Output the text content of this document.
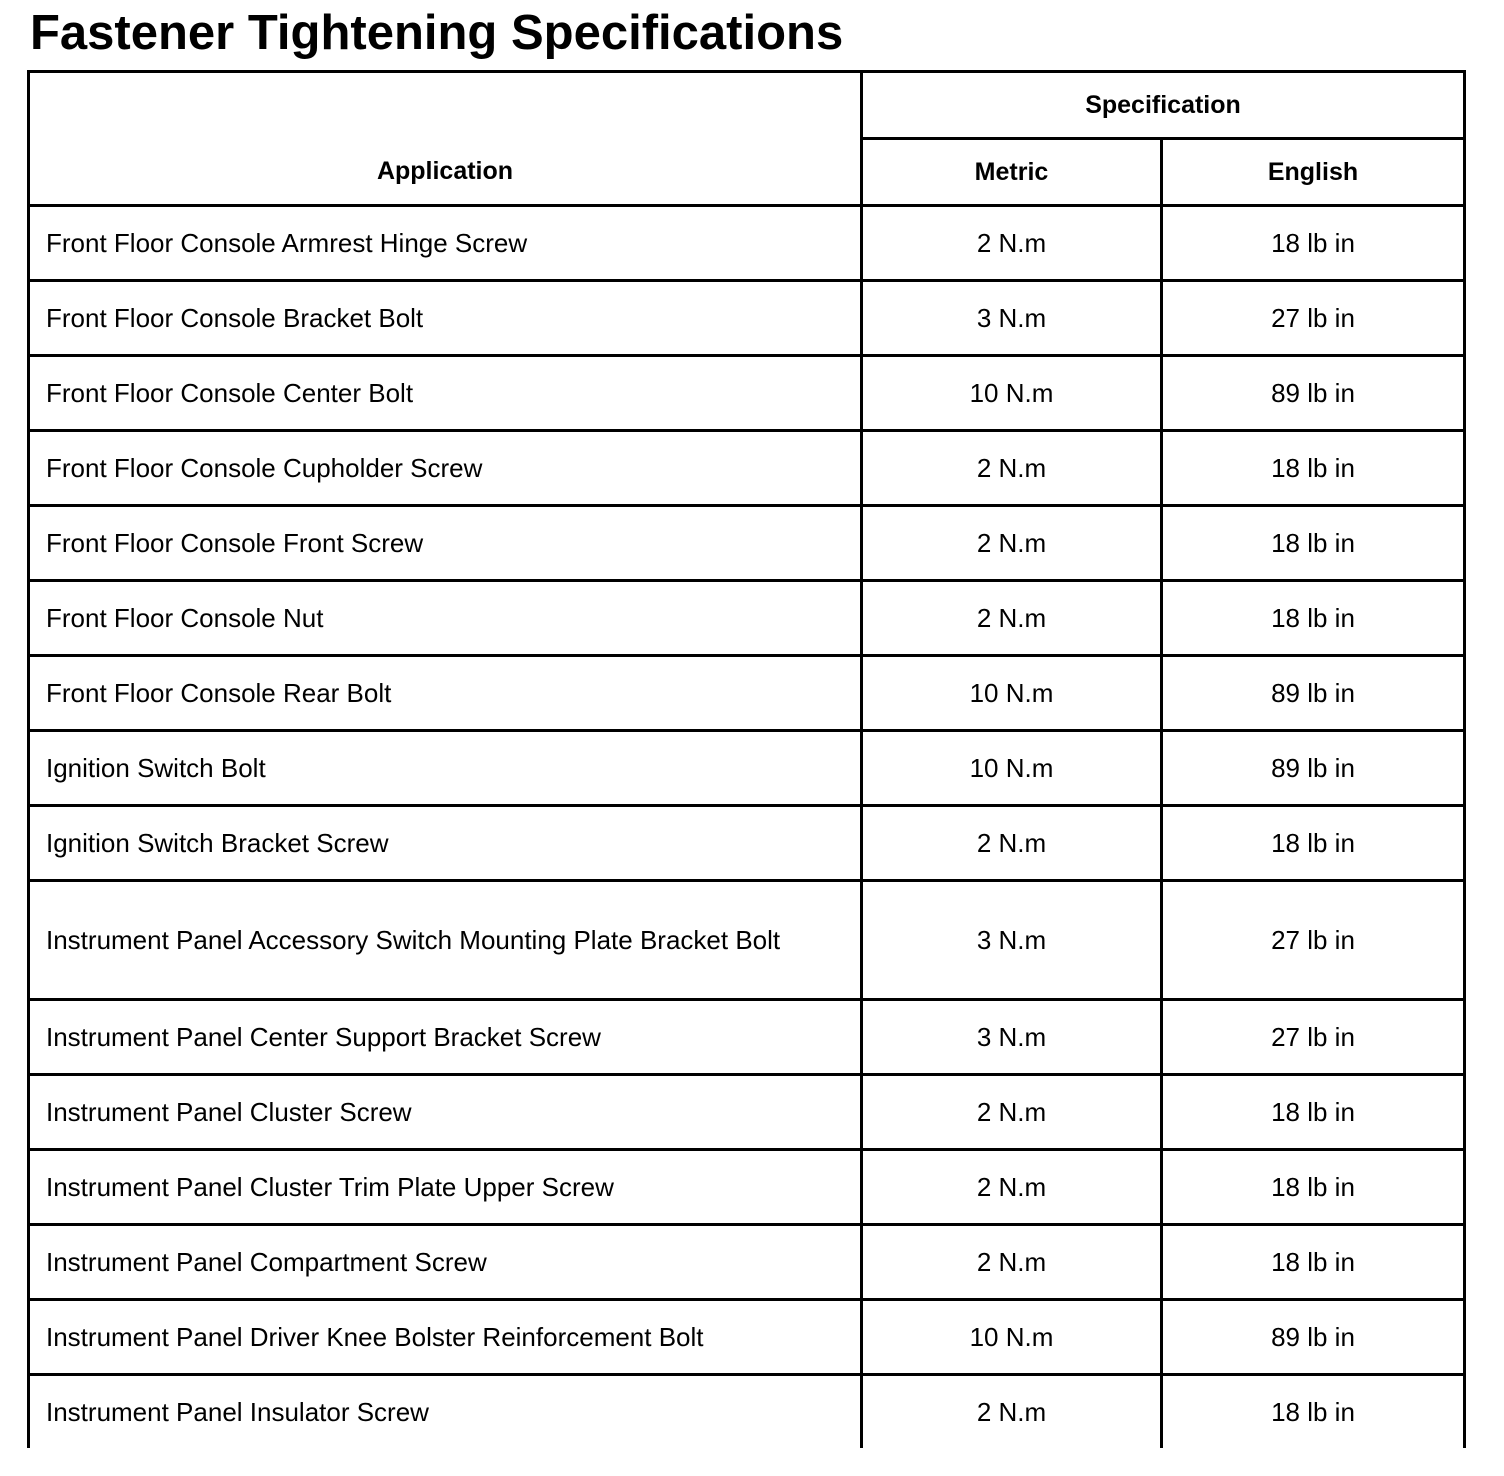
Fastener Tightening Specifications
Application	Specification	
	Metric	English
Front Floor Console Armrest Hinge Screw	2 N.m	18 lb in
Front Floor Console Bracket Bolt	3 N.m	27 lb in
Front Floor Console Center Bolt	10 N.m	89 lb in
Front Floor Console Cupholder Screw	2 N.m	18 lb in
Front Floor Console Front Screw	2 N.m	18 lb in
Front Floor Console Nut	2 N.m	18 lb in
Front Floor Console Rear Bolt	10 N.m	89 lb in
Ignition Switch Bolt	10 N.m	89 lb in
Ignition Switch Bracket Screw	2 N.m	18 lb in
Instrument Panel Accessory Switch Mounting Plate Bracket Bolt	3 N.m	27 lb in
Instrument Panel Center Support Bracket Screw	3 N.m	27 lb in
Instrument Panel Cluster Screw	2 N.m	18 lb in
Instrument Panel Cluster Trim Plate Upper Screw	2 N.m	18 lb in
Instrument Panel Compartment Screw	2 N.m	18 lb in
Instrument Panel Driver Knee Bolster Reinforcement Bolt	10 N.m	89 lb in
Instrument Panel Insulator Screw	2 N.m	18 lb in
